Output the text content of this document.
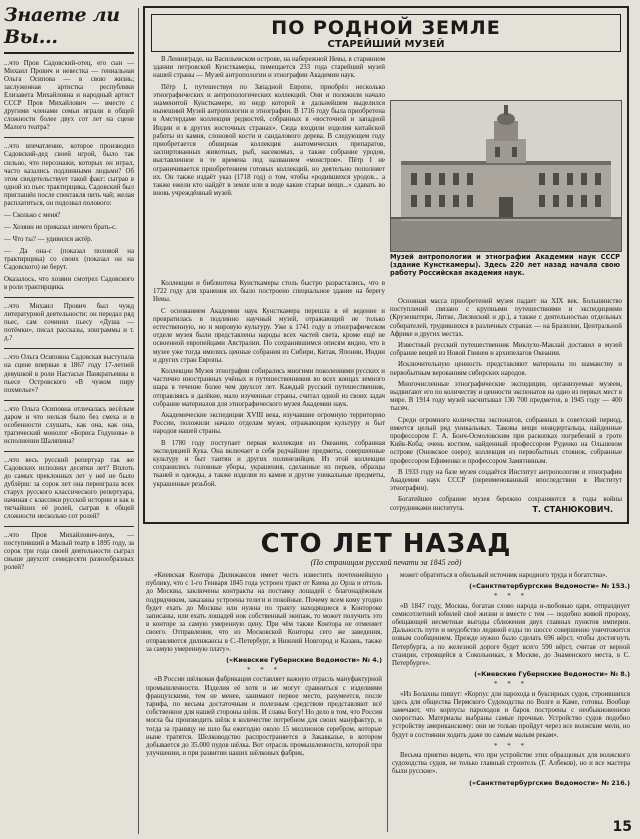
Знаете ли Вы...

...что Пров Садовский-отец, его сын — Михаил Прович и невестка — гениальная Ольга Осипова — в свою жизнь; заслуженная артистка республики Елизавета Михайловна и народный артист СССР Пров Михайлович — вместе с другими членами семьи играли в общей сложности более двух сот лет на сцене Малого театра?

...что впечатление, которое производил Садовский-дед своей игрой, было так сильно, что персонажи, которых он играл, часто казались подлинными людьми? Об этом свидетельствует такой факт: сыграв в одной из пьес трактирщика, Садовский был приглашён после спектакля пить чай; желая расплатиться, он подозвал полового:

— Сколько с меня?

— Хозяин не приказал ничего брать-с.

— Что ты? — удивился актёр.

— Да она-с (показал половой на трактирщика) со своих (показал он на Садовского) не берут.

Оказалось, что хозяин смотрел Садовского в роли трактирщика.

...что Михаил Прович был чужд литературной деятельности: он передал ряд пьес, сам сочинил пьесу «Душа — потёмки», писал рассказы, эпиграммы и т. д.?

...что Ольга Осиповна Садовская выступала на сцене впервые в 1867 году 17-летней девушкой в роли Настасьи Панкратьевны в пьесе Островского «В чужом пиру похмелье»?

...что Ольга Осиповна отличалась весёлым даром и что нельзя было без смеха и в особенности слушать, как она, как она, трагический монолог «Бориса Годунова» в исполнении Шаляпина?

...что весь русский репертуар так же Садовских исполнял десятки лет? Вплоть до самых преклонных лет у неё не было дублёрш: за сорок лет она переиграла всех старух русского классического репертуара, начиная с классики русской истории и как в тягчайших её ролей, сыграв в общей сложности несколько сот ролей?

...что Пров Михайлович-внук, — поступивший в Малый театр в 1895 году, за сорок три года своей деятельности сыграл свыше двухсот семидесяти разнообразных ролей?

ПО РОДНОЙ ЗЕМЛЕ
СТАРЕЙШИЙ МУЗЕЙ

В Ленинграде, на Васильевском острове, на набережной Невы, в старинном здании петровской Кунсткамеры, помещается 233 года старейший музей нашей страны — Музей антропологии и этнографии Академии наук.

Пётр I, путешествуя по Западной Европе, приобрёл несколько этнографических и антропологических коллекций. Они и положили начало знаменитой Кунсткамере, из недр которой в дальнейшем выделился нынешний Музей антропологии и этнографии. В 1716 году была приобретена в Амстердаме коллекция редкостей, собранных в «восточной и западной Индии и в других восточных странах». Сюда входили изделия китайской работы из камня, слоновой кости и сандалового дерева. В следующем году приобретается обширная коллекция анатомических препаратов, заспиртованных животных, рыб, насекомых, а также собрание уродов, выставленное в те времена под названием «монстров». Пётр I не ограничивается приобретением готовых коллекций, но деятельно пополняет их. Он также издаёт указ (1718 год) о том, чтобы «родившихся уродов... а также ежели кто найдёт в земле или в воде какие старые вещи...» сдавать во вновь учреждённый музей.

Музей антропологии и этнографии Академии наук СССР (здание Кунсткамеры). Здесь 220 лет назад начала свою работу Российская академия наук.

Коллекции и библиотека Кунсткамеры столь быстро разрастались, что в 1722 году для хранения их было построено специальное здание на берегу Невы.

С основанием Академии наук Кунсткамера перешла в её ведение и превратилась в подлинно научный музей, отражающий не только естественную, но и мировую культуру. Уже к 1741 году в этнографическом отделе музея были представлены народы всех частей света, кроме ещё не освоенной европейцами Австралии. По сохранившимся описям видно, что в музее уже тогда имелись ценные собрания из Сибири, Китая, Японии, Индии и других стран Европы.

Коллекции Музея этнографии собирались многими поколениями русских и частично иностранных учёных и путешественников во всех концах земного шара в течение более чем двухсот лет. Каждый русский путешественник, отправляясь в далёкие, мало изученные страны, считал одной из своих задач собрание материалов для этнографического музея Академии наук.

Академические экспедиции XVIII века, изучавшие огромную территорию России, положили начало отделам музея, отражающим культуру и быт народов нашей страны.

В 1780 году поступает первая коллекция из Океании, собранная экспедицией Кука. Она включает в себя редчайшие предметы, совершенные культуру и быт таитян и других полинезийцев. Из этой коллекции сохранились головные уборы, украшения, сделанные из перьев, образцы тканей и одежды, а также изделия из камня и другие уникальные предметы, украшенные резьбой.

Основная масса приобретений музея падает на XIX век. Большинство поступлений связано с крупными путешествиями и экспедициями (Крузенштерн, Литке, Лисянский и др.), а также с деятельностью отдельных собирателей, трудившихся в различных странах — на Бразилии, Центральной Африке и других местах.

Известный русский путешественник Миклухо-Маклай доставил в музей собрание вещей из Новой Гвинеи и архипелагов Океании.

Исключительную ценность представляют материалы по шаманству и первобытным верованиям сибирских народов.

Многочисленные этнографические экспедиции, организуемые музеем, выдвигают его по количеству и ценности экспонатов на одно из первых мест в мире. В 1914 году музей насчитывал 130 700 предметов, в 1945 году — 400 тысяч.

Среди огромного количества экспонатов, собранных в советский период, имеется целый ряд уникальных. Таковы вещи неандертальца, найденные профессором Г. А. Бонч-Осмоловским при раскопках погребений в гроте Кийк-Коба; очень костюм, найденный профессором Руденко на Ольшевом острове (Онежское озеро); коллекция из первобытных стоянок, собранные профессором Ефименко и профессором Замятниным.

В 1933 году на базе музея создаётся Институт антропологии и этнографии Академии наук СССР (переименованный впоследствии в Институт этнографии).

Богатейшее собрание музея бережно сохраняются в годы войны сотрудниками института.	Т. СТАНЮКОВИЧ.
СТО ЛЕТ НАЗАД
(По страницам русской печати за 1845 год)

«Киевская Контора Дилижансов имеет честь известить почтеннейшую публику, что с 1-го Генваря 1845 года устроен тракт от Киева до Орла и оттоль до Москвы, заключены контракты на поставку лошадей с благонадёжным подрядчиком, заказаны устроены телеги и покойные. Почему всем кому угодно будет ехать до Москвы или нужна по тракту находящиеся в Контороке записаны, или ехать лошадей нок собственный экипаж, то может получить это в конторе за самую умеренную цену. При чём также Контора не отменяет своего. Отправления, что из Московской Конторы сего же заведения, отправляются дилижансы в С.-Петербург, в Нижний Новгород и Казань, также за самую умеренную плату».

(«Киевские Губернские Ведомости» № 4.)

* * *

«В России шёлковая фабрикация составляет важную отрасль мануфактурной промышленности. Изделия её хотя и не могут сравниться с изделиями французскими, тем не менее, занимают первое место, разумеется, после тарифа, по весьма достаточным и полезным средством представляют всё собственное для нашей стороны шёлк. И славы Богу! Но дело в том, что Россия могла бы производить шёлк в количестве потребном для своих мануфактур, и тогда за границу не шло бы ежегодно около 15 миллионов серебром, которые ныне тратятся. Шелководство распространяется в Закавказье, в котором добывается до 35.000 пудов шёлка. Вот отрасль промышленности, которой при улучшении, и при развитии наших шёлковых фабрик,

может обратиться в обильный источник народного труда и богатства».

(«Санктпетербургские Ведомости» № 153.)

* * *

«В 1847 году, Москва, богатая слово народа и-любовью царя, отпразднует семисотлетний юбилей своё жизни и вместе с тем — подобно живой пророку, обещающей несметные выгоды сближения двух главных пунктов империи. Дальность пути и неудобство ледяной езды по шоссе совершенно уничтожится новым сообщением. Прежде нужно было сделать 696 вёрст, чтобы достигнуть Петербурга, а по железной дороге будет всего 590 вёрст, считая от верной станции, строящейся в Сокольниках, в Москве, до Знаменского места, в С. Петербурге».

(«Киевские Губернские Ведомости» № 8.)

* * *

«Из Болахны пишут: «Корпус для парохода и буксирных судов, строившихся здесь для общества Пермского Судоходства по Волге и Каме, готовы. Вообще замечают, что корпусы пароходов и барок построены с необыкновенною скоростью. Материалы выбраны самые прочные. Устройство судов подобно устройству американскому: они не только пройдут через все волжские мели, но будут в состоянии ходить даже по самым малым рекам».

* * *

Весьма приятно видеть, что при устройстве этих образцовых для волжского судоходства судов, не только главный строитель (Г. Албеков), но и все мастера были русские».

(«Санктпетербургские Ведомости» № 216.)

15
